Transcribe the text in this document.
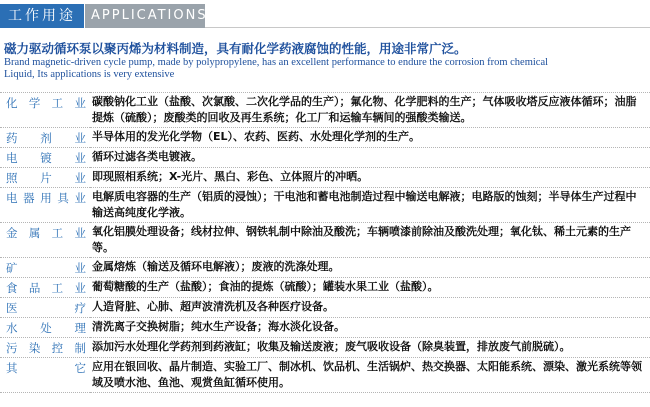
工作用途	APPLICATIONS
磁力驱动循环泵以聚丙烯为材料制造，具有耐化学药液腐蚀的性能，用途非常广泛。
Brand magnetic-driven cycle pump, made by polypropylene, has an excellent performance to endure the corrosion from chemical Liquid, Its applications is very extensive
化学工业	碳酸钠化工业（盐酸、次氯酸、二次化学品的生产）；氟化物、化学肥料的生产；气体吸收塔反应液体循环；油脂提炼（硫酸）；废酸类的回收及再生系统；化工厂和运输车辆间的强酸类输送。
药剂业	半导体用的发光化学物（EL）、农药、医药、水处理化学剂的生产。
电镀业	循环过滤各类电镀液。
照片业	即现照相系统；X-光片、黑白、彩色、立体照片的冲晒。
电器用具业	电解质电容器的生产（铝质的浸蚀）；干电池和蓄电池制造过程中输送电解液；电路版的蚀刻；半导体生产过程中输送高纯度化学液。
金属工业	氧化铝膜处理设备；线材拉伸、钢铁轧制中除油及酸洗；车辆喷漆前除油及酸洗处理；氧化钛、稀土元素的生产等。
矿业	金属熔炼（输送及循环电解液）；废液的洗涤处理。
食品工业	葡萄糖酸的生产（盐酸）；食油的提炼（硫酸）；罐装水果工业（盐酸）。
医疗	人造肾脏、心肺、超声波清洗机及各种医疗设备。
水处理	清洗离子交换树脂；纯水生产设备；海水淡化设备。
污染控制	添加污水处理化学药剂到药液缸；收集及输送废液；废气吸收设备（除臭装置，排放废气前脱硫）。
其它	应用在银回收、晶片制造、实验工厂、制冰机、饮品机、生活锅炉、热交换器、太阳能系统、漂染、激光系统等领域及喷水池、鱼池、观赏鱼缸循环使用。
